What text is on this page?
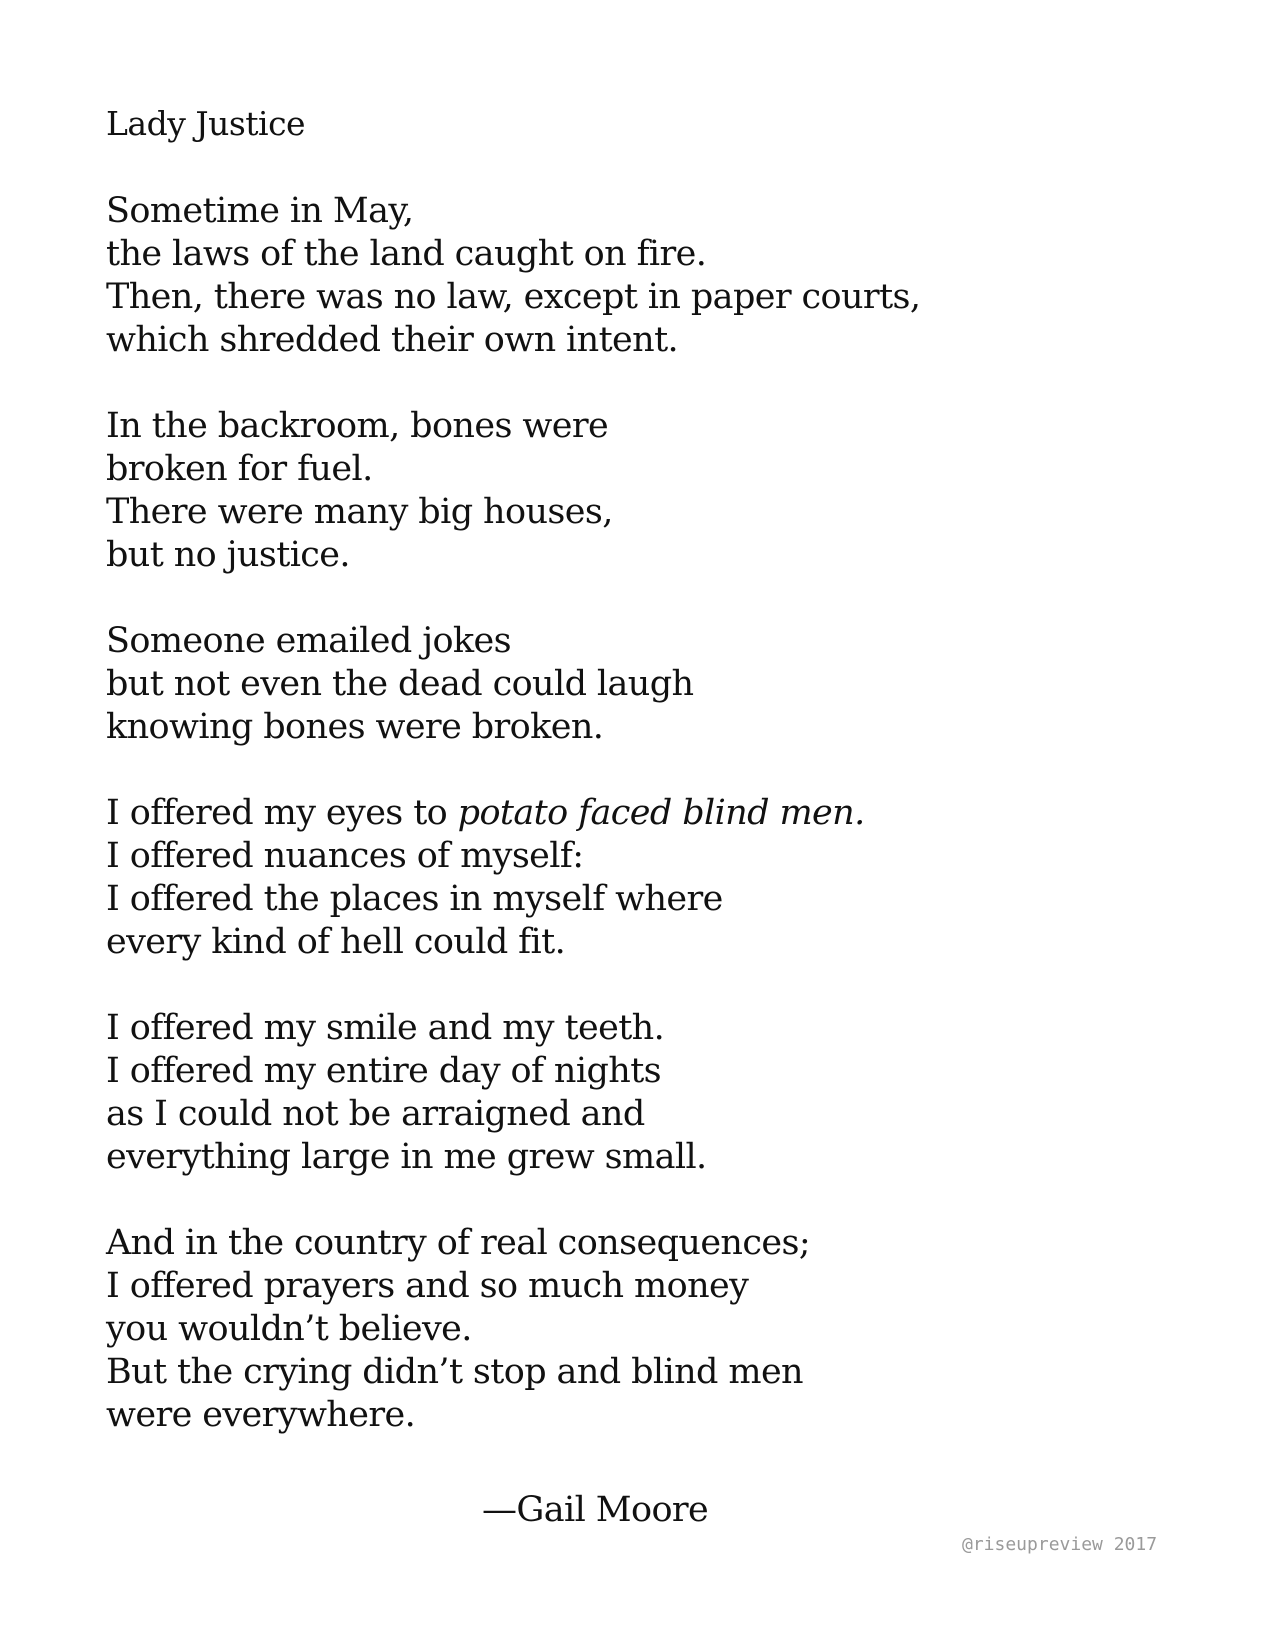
Lady Justice
Sometime in May,
the laws of the land caught on fire.
Then, there was no law, except in paper courts,
which shredded their own intent.
In the backroom, bones were
broken for fuel.
There were many big houses,
but no justice.
Someone emailed jokes
but not even the dead could laugh
knowing bones were broken.
I offered my eyes to potato faced blind men.
I offered nuances of myself:
I offered the places in myself where
every kind of hell could fit.
I offered my smile and my teeth.
I offered my entire day of nights
as I could not be arraigned and
everything large in me grew small.
And in the country of real consequences;
I offered prayers and so much money
you wouldn’t believe.
But the crying didn’t stop and blind men
were everywhere.
—Gail Moore
@riseupreview 2017
